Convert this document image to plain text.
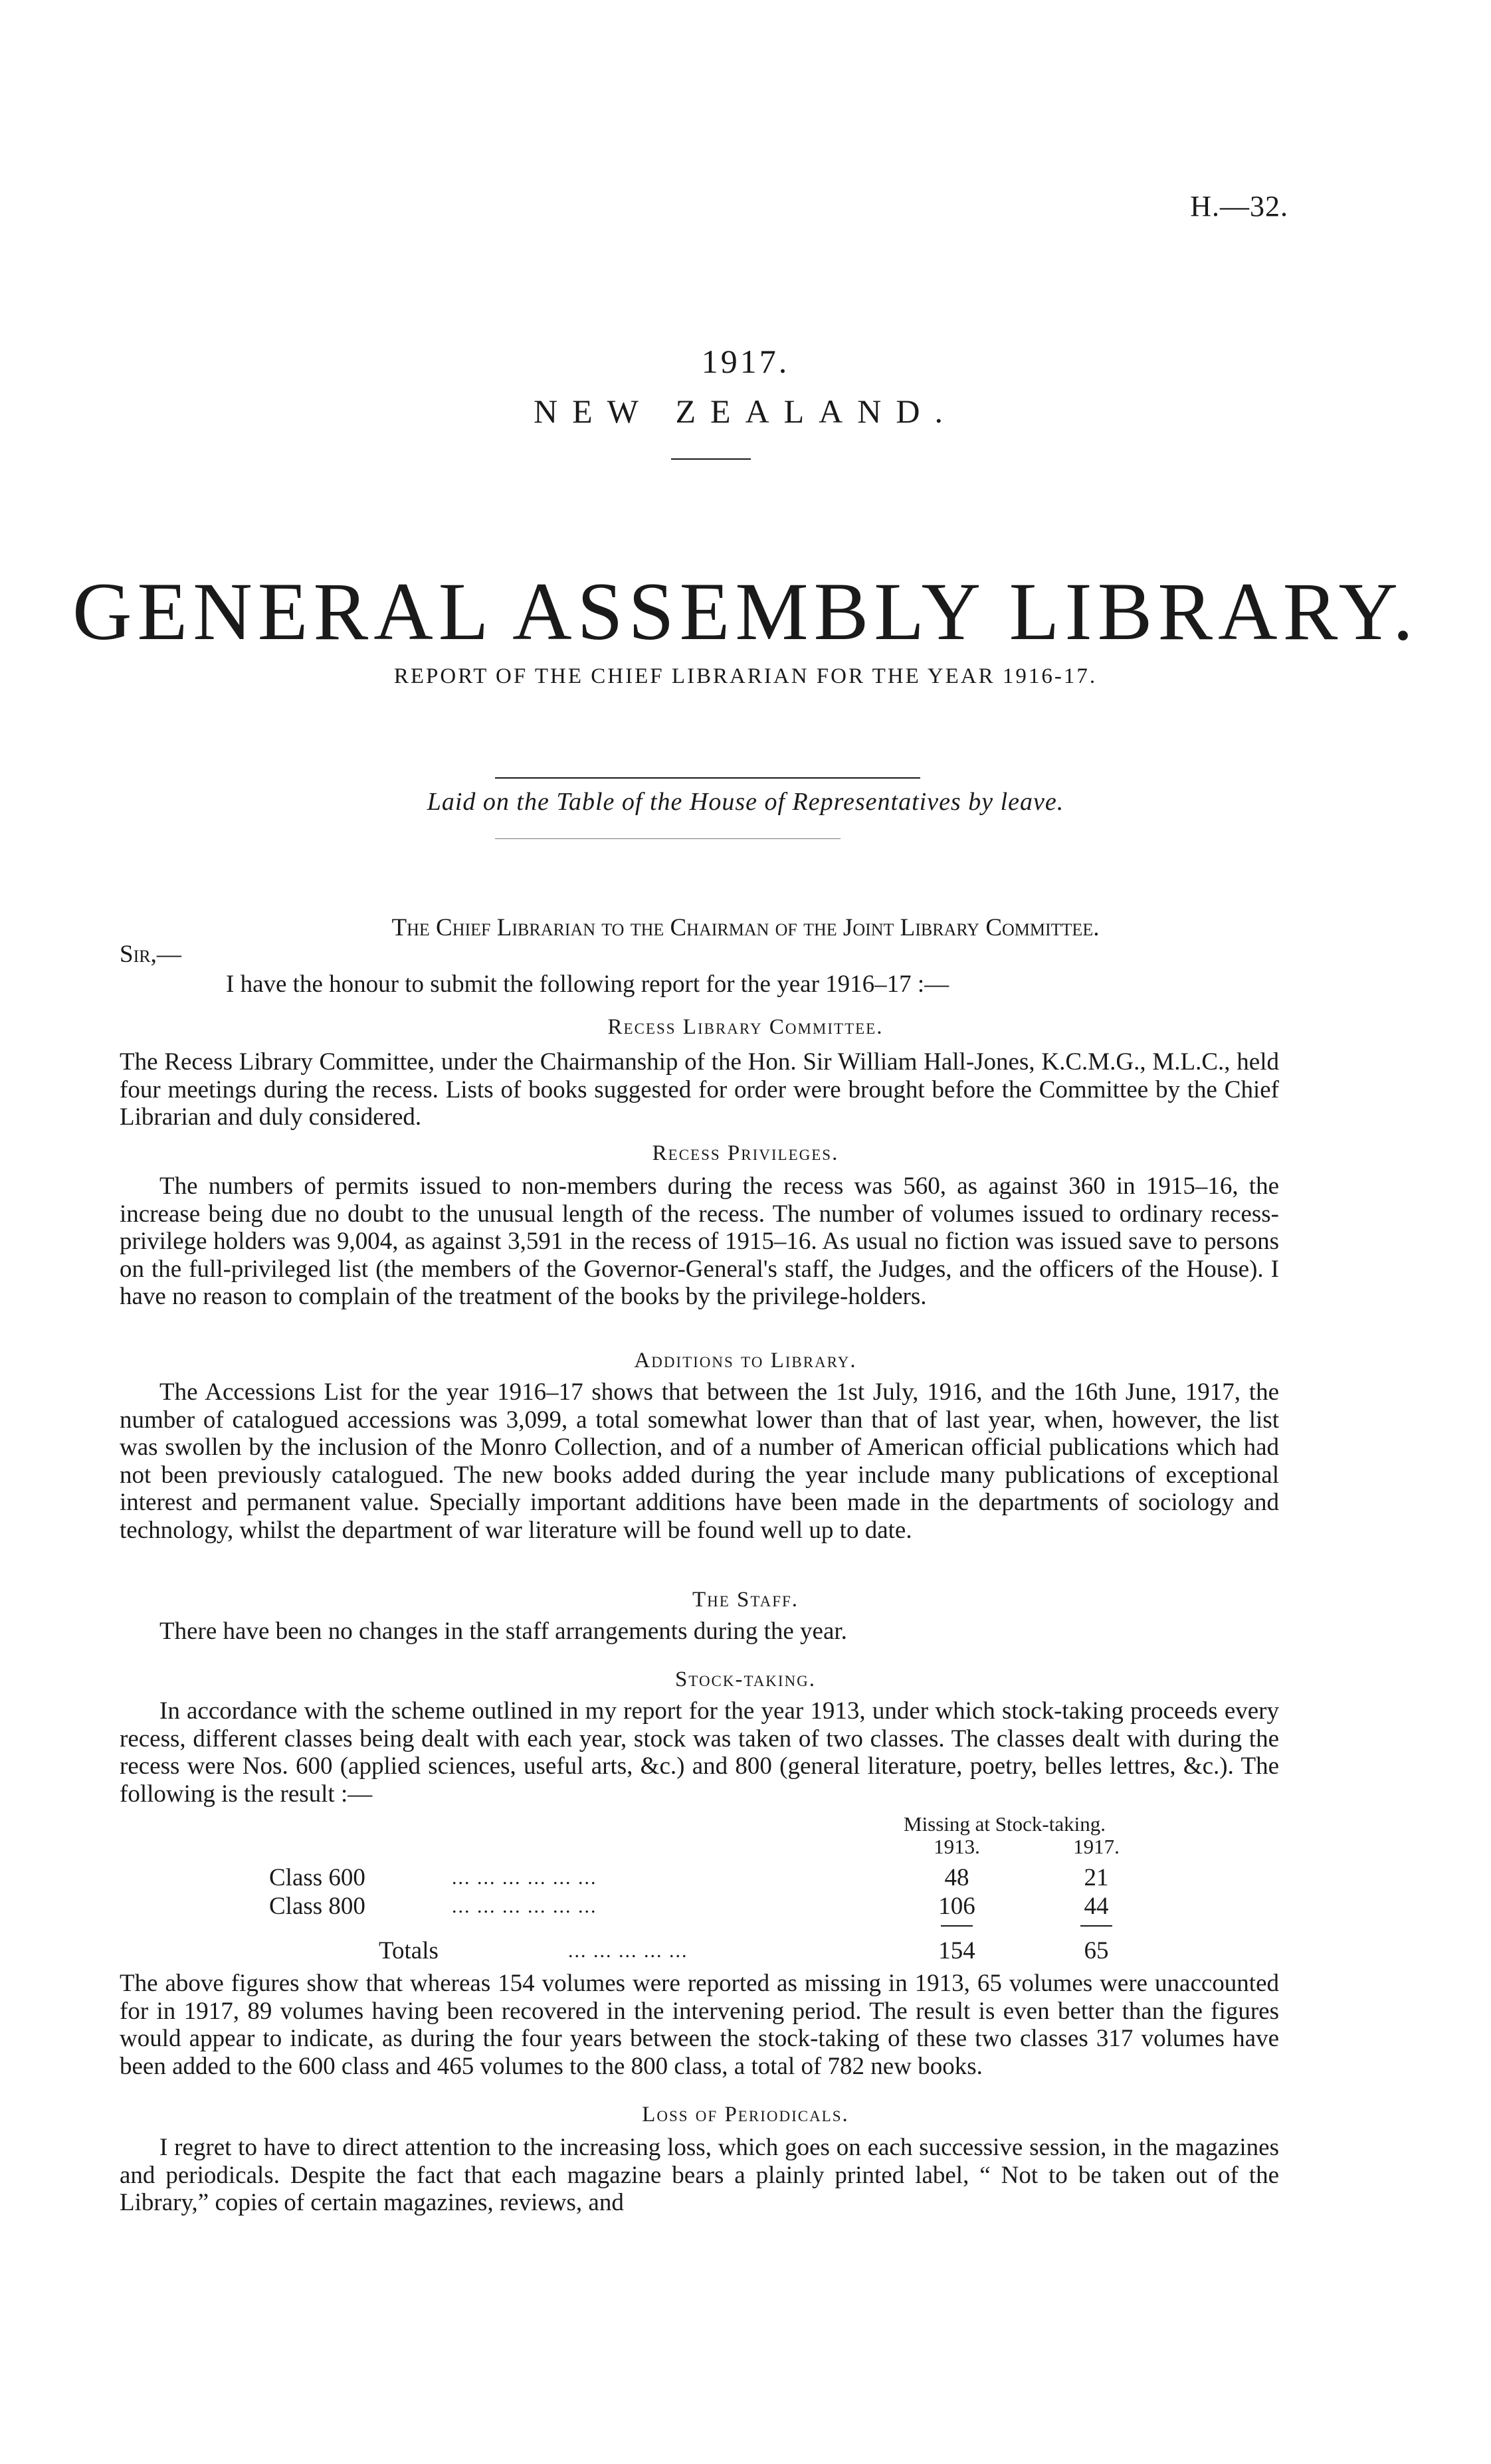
H.—32.
1917.
NEW ZEALAND.
GENERAL ASSEMBLY LIBRARY.
REPORT OF THE CHIEF LIBRARIAN FOR THE YEAR 1916-17.
Laid on the Table of the House of Representatives by leave.
The Chief Librarian to the Chairman of the Joint Library Committee.
Sir,—
I have the honour to submit the following report for the year 1916–17 :—
Recess Library Committee.
The Recess Library Committee, under the Chairmanship of the Hon. Sir William Hall-Jones, K.C.M.G., M.L.C., held four meetings during the recess. Lists of books suggested for order were brought before the Committee by the Chief Librarian and duly considered.
Recess Privileges.
The numbers of permits issued to non-members during the recess was 560, as against 360 in 1915–16, the increase being due no doubt to the unusual length of the recess. The number of volumes issued to ordinary recess-privilege holders was 9,004, as against 3,591 in the recess of 1915–16. As usual no fiction was issued save to persons on the full-privileged list (the members of the Governor-General's staff, the Judges, and the officers of the House). I have no reason to complain of the treatment of the books by the privilege-holders.
Additions to Library.
The Accessions List for the year 1916–17 shows that between the 1st July, 1916, and the 16th June, 1917, the number of catalogued accessions was 3,099, a total somewhat lower than that of last year, when, however, the list was swollen by the inclusion of the Monro Collection, and of a number of American official publications which had not been previously catalogued. The new books added during the year include many publications of exceptional interest and permanent value. Specially important additions have been made in the departments of sociology and technology, whilst the department of war literature will be found well up to date.
The Staff.
There have been no changes in the staff arrangements during the year.
Stock-taking.
In accordance with the scheme outlined in my report for the year 1913, under which stock-taking proceeds every recess, different classes being dealt with each year, stock was taken of two classes. The classes dealt with during the recess were Nos. 600 (applied sciences, useful arts, &c.) and 800 (general literature, poetry, belles lettres, &c.). The following is the result :—
Missing at Stock-taking.
1913.	1917.
Class 600	... ... ... ... ... ...	48	21
Class 800	... ... ... ... ... ...	106	44
Totals	... ... ... ... ...	154	65
The above figures show that whereas 154 volumes were reported as missing in 1913, 65 volumes were unaccounted for in 1917, 89 volumes having been recovered in the intervening period. The result is even better than the figures would appear to indicate, as during the four years between the stock-taking of these two classes 317 volumes have been added to the 600 class and 465 volumes to the 800 class, a total of 782 new books.
Loss of Periodicals.
I regret to have to direct attention to the increasing loss, which goes on each successive session, in the magazines and periodicals. Despite the fact that each magazine bears a plainly printed label, “ Not to be taken out of the Library,” copies of certain magazines, reviews, and
